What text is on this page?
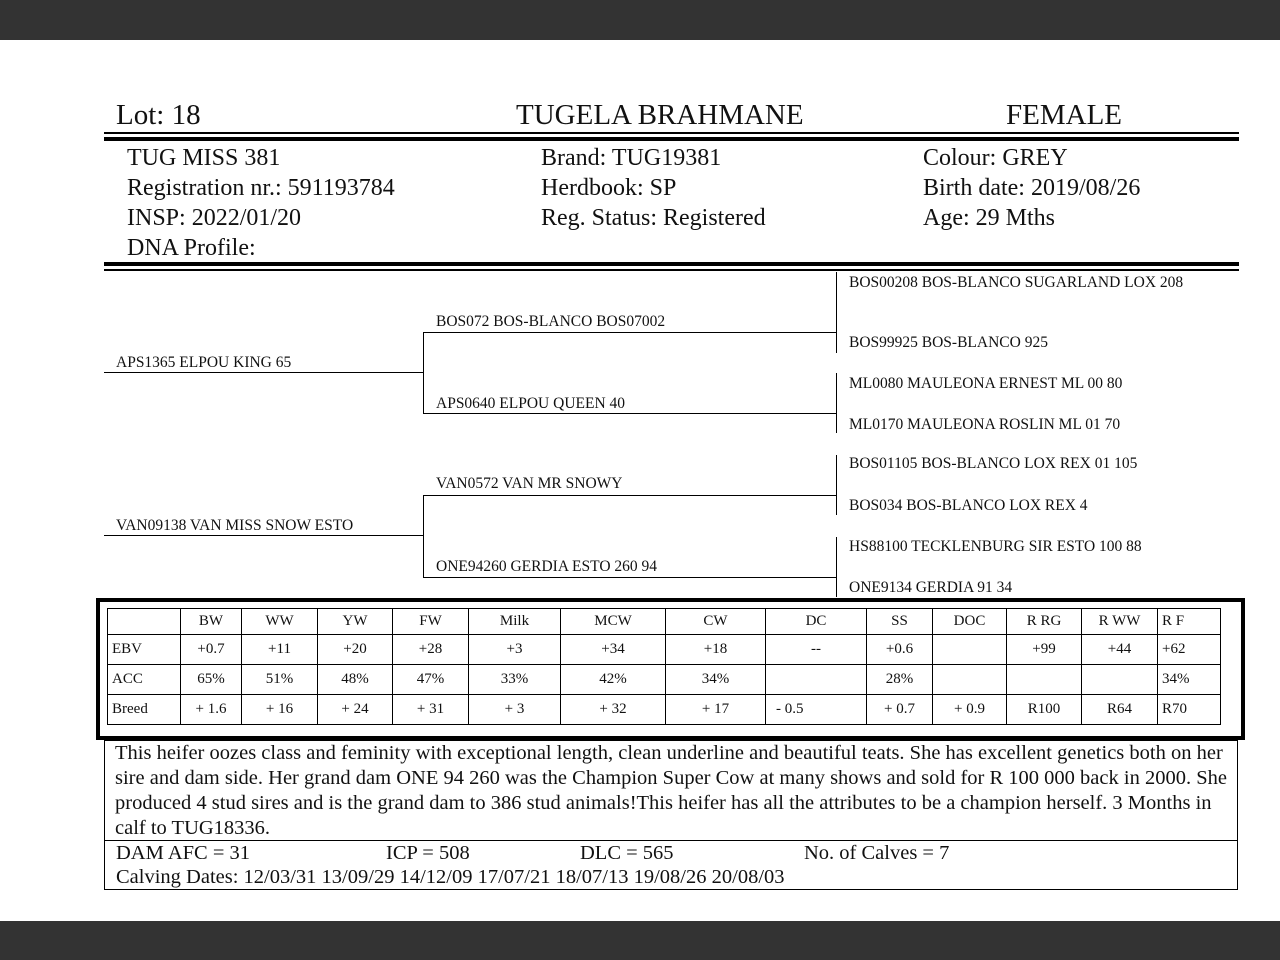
Lot: 18	TUGELA BRAHMANE	FEMALE
TUG MISS 381
Registration nr.: 591193784
INSP: 2022/01/20
DNA Profile:
Brand: TUG19381
Herdbook: SP
Reg. Status: Registered
Colour: GREY
Birth date: 2019/08/26
Age: 29 Mths
APS1365 ELPOU KING 65
VAN09138 VAN MISS SNOW ESTO
BOS072 BOS-BLANCO BOS07002
APS0640 ELPOU QUEEN 40
VAN0572 VAN MR SNOWY
ONE94260 GERDIA ESTO 260 94
BOS00208 BOS-BLANCO SUGARLAND LOX 208
BOS99925 BOS-BLANCO 925
ML0080 MAULEONA ERNEST ML 00 80
ML0170 MAULEONA ROSLIN ML 01 70
BOS01105 BOS-BLANCO LOX REX 01 105
BOS034 BOS-BLANCO LOX REX 4
HS88100 TECKLENBURG SIR ESTO 100 88
ONE9134 GERDIA 91 34
	BW	WW	YW	FW	Milk	MCW	CW	DC	SS	DOC	R RG	R WW	R F
EBV	+0.7	+11	+20	+28	+3	+34	+18	--	+0.6		+99	+44	+62
ACC	65%	51%	48%	47%	33%	42%	34%		28%				34%
Breed	+ 1.6	+ 16	+ 24	+ 31	+ 3	+ 32	+ 17	- 0.5	+ 0.7	+ 0.9	R100	R64	R70
This heifer oozes class and feminity with exceptional length, clean underline and beautiful teats. She has excellent genetics both on her sire and dam side. Her grand dam ONE 94 260 was the Champion Super Cow at many shows and sold for R 100 000 back in 2000. She produced 4 stud sires and is the grand dam to 386 stud animals!This heifer has all the attributes to be a champion herself. 3 Months in calf to TUG18336.
DAM AFC = 31	ICP = 508	DLC = 565	No. of Calves = 7
Calving Dates: 12/03/31 13/09/29 14/12/09 17/07/21 18/07/13 19/08/26 20/08/03
